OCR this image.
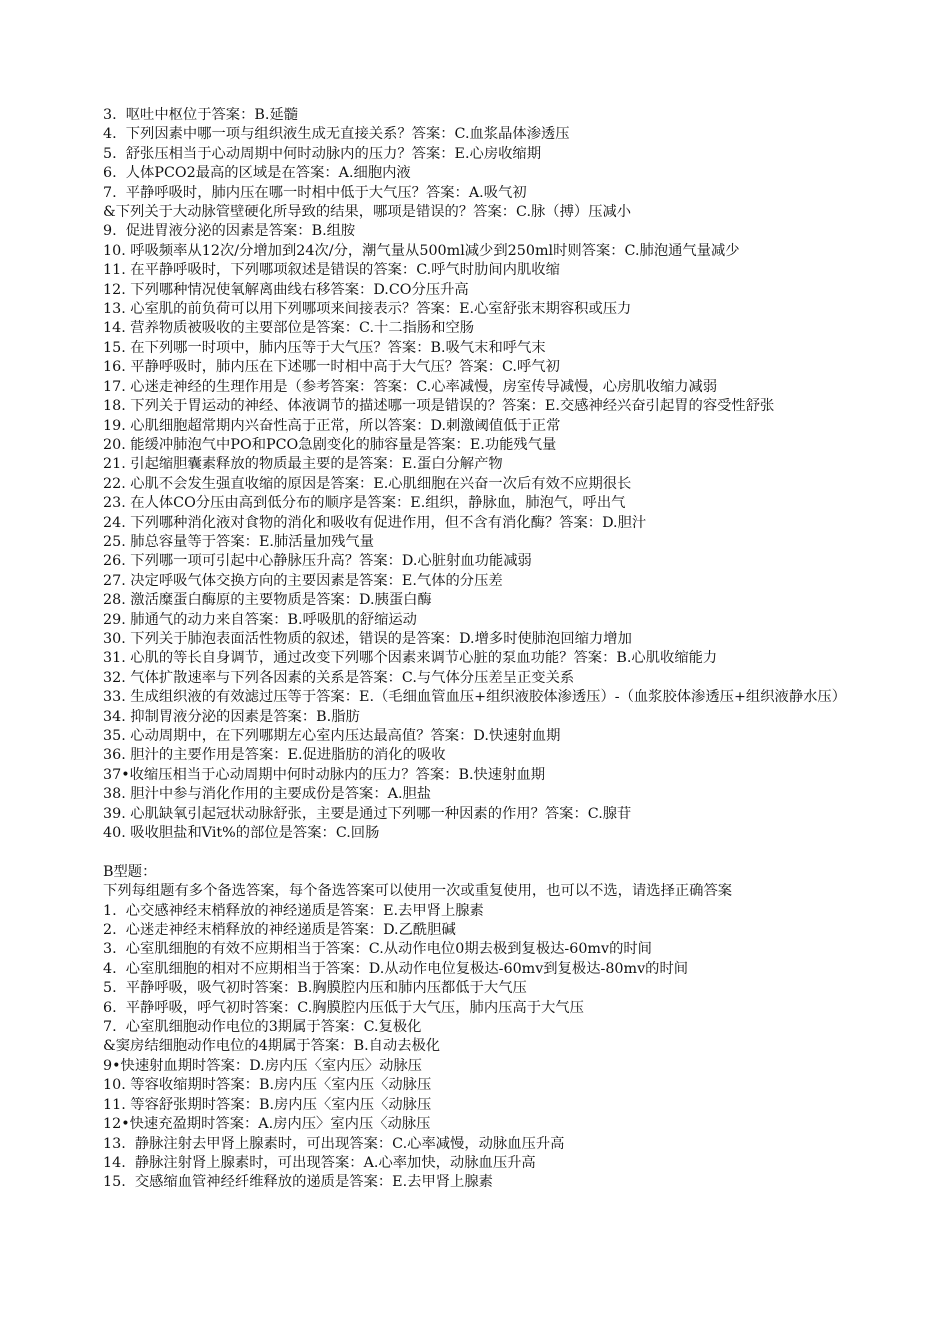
3.  呕吐中枢位于答案：B.延髓
4.  下列因素中哪一项与组织液生成无直接关系？答案：C.血浆晶体渗透压
5.  舒张压相当于心动周期中何时动脉内的压力？答案：E.心房收缩期
6.  人体PCO2最高的区域是在答案：A.细胞内液
7.  平静呼吸时，肺内压在哪一时相中低于大气压？答案：A.吸气初
&下列关于大动脉管壁硬化所导致的结果，哪项是错误的？答案：C.脉（搏）压减小
9.  促进胃液分泌的因素是答案：B.组胺
10. 呼吸频率从12次/分增加到24次/分，潮气量从500ml减少到250ml时则答案：C.肺泡通气量减少
11. 在平静呼吸时，下列哪项叙述是错误的答案：C.呼气时肋间内肌收缩
12. 下列哪种情况使氧解离曲线右移答案：D.CO分压升高
13. 心室肌的前负荷可以用下列哪项来间接表示？答案：E.心室舒张末期容积或压力
14. 营养物质被吸收的主要部位是答案：C.十二指肠和空肠
15. 在下列哪一时项中，肺内压等于大气压？答案：B.吸气末和呼气末
16. 平静呼吸时，肺内压在下述哪一时相中高于大气压？答案：C.呼气初
17. 心迷走神经的生理作用是（参考答案：答案：C.心率减慢，房室传导减慢，心房肌收缩力减弱
18. 下列关于胃运动的神经、体液调节的描述哪一项是错误的？答案：E.交感神经兴奋引起胃的容受性舒张
19. 心肌细胞超常期内兴奋性高于正常，所以答案：D.刺激阈值低于正常
20. 能缓冲肺泡气中PO和PCO急剧变化的肺容量是答案：E.功能残气量
21. 引起缩胆囊素释放的物质最主要的是答案：E.蛋白分解产物
22. 心肌不会发生强直收缩的原因是答案：E.心肌细胞在兴奋一次后有效不应期很长
23. 在人体CO分压由高到低分布的顺序是答案：E.组织，静脉血，肺泡气，呼出气
24. 下列哪种消化液对食物的消化和吸收有促进作用，但不含有消化酶？答案：D.胆汁
25. 肺总容量等于答案：E.肺活量加残气量
26. 下列哪一项可引起中心静脉压升高？答案：D.心脏射血功能减弱
27. 决定呼吸气体交换方向的主要因素是答案：E.气体的分压差
28. 激活糜蛋白酶原的主要物质是答案：D.胰蛋白酶
29. 肺通气的动力来自答案：B.呼吸肌的舒缩运动
30. 下列关于肺泡表面活性物质的叙述，错误的是答案：D.增多时使肺泡回缩力增加
31. 心肌的等长自身调节，通过改变下列哪个因素来调节心脏的泵血功能？答案：B.心肌收缩能力
32. 气体扩散速率与下列各因素的关系是答案：C.与气体分压差呈正变关系
33. 生成组织液的有效滤过压等于答案：E.（毛细血管血压+组织液胶体渗透压）-（血浆胶体渗透压+组织液静水压）
34. 抑制胃液分泌的因素是答案：B.脂肪
35. 心动周期中，在下列哪期左心室内压达最高值？答案：D.快速射血期
36. 胆汁的主要作用是答案：E.促进脂肪的消化的吸收
37•收缩压相当于心动周期中何时动脉内的压力？答案：B.快速射血期
38. 胆汁中参与消化作用的主要成份是答案：A.胆盐
39. 心肌缺氧引起冠状动脉舒张，主要是通过下列哪一种因素的作用？答案：C.腺苷
40. 吸收胆盐和Vit%的部位是答案：C.回肠
B型题：
下列每组题有多个备选答案，每个备选答案可以使用一次或重复使用，也可以不选，请选择正确答案
1.  心交感神经末梢释放的神经递质是答案：E.去甲肾上腺素
2.  心迷走神经末梢释放的神经递质是答案：D.乙酰胆碱
3.  心室肌细胞的有效不应期相当于答案：C.从动作电位0期去极到复极达-60mv的时间
4.  心室肌细胞的相对不应期相当于答案：D.从动作电位复极达-60mv到复极达-80mv的时间
5.  平静呼吸，吸气初时答案：B.胸膜腔内压和肺内压都低于大气压
6.  平静呼吸，呼气初时答案：C.胸膜腔内压低于大气压，肺内压高于大气压
7.  心室肌细胞动作电位的3期属于答案：C.复极化
&窦房结细胞动作电位的4期属于答案：B.自动去极化
9•快速射血期时答案：D.房内压〈室内压〉动脉压
10. 等容收缩期时答案：B.房内压〈室内压〈动脉压
11. 等容舒张期时答案：B.房内压〈室内压〈动脉压
12•快速充盈期时答案：A.房内压〉室内压〈动脉压
13.  静脉注射去甲肾上腺素时，可出现答案：C.心率减慢，动脉血压升高
14.  静脉注射肾上腺素时，可出现答案：A.心率加快，动脉血压升高
15.  交感缩血管神经纤维释放的递质是答案：E.去甲肾上腺素
